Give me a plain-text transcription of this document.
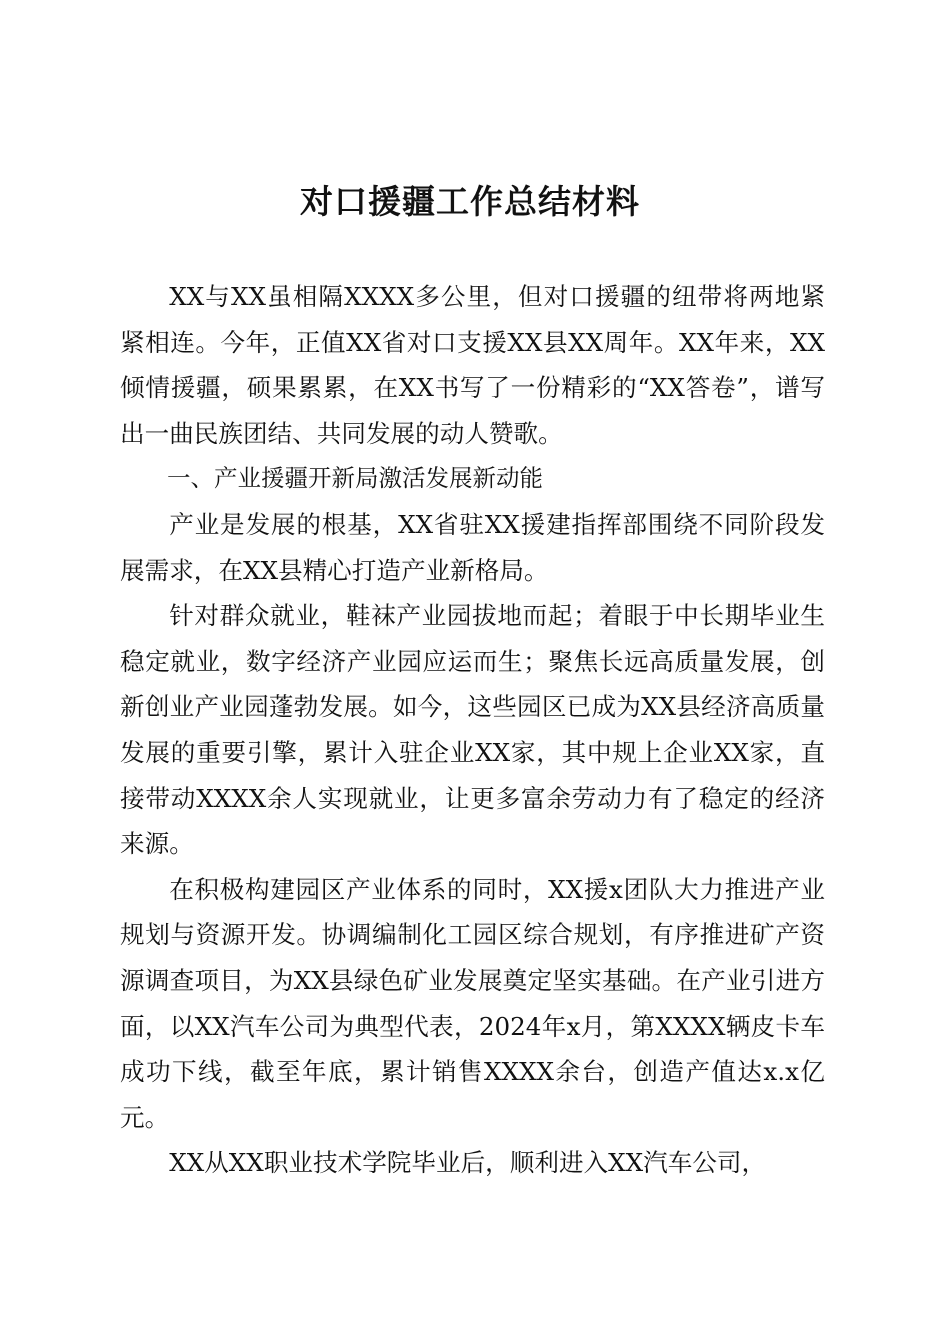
对口援疆工作总结材料

XX与XX虽相隔XXXX多公里，但对口援疆的纽带将两地紧紧相连。今年，正值XX省对口支援XX县XX周年。XX年来，XX倾情援疆，硕果累累，在XX书写了一份精彩的“XX答卷”，谱写出一曲民族团结、共同发展的动人赞歌。

一、产业援疆开新局激活发展新动能

产业是发展的根基，XX省驻XX援建指挥部围绕不同阶段发展需求，在XX县精心打造产业新格局。

针对群众就业，鞋袜产业园拔地而起；着眼于中长期毕业生稳定就业，数字经济产业园应运而生；聚焦长远高质量发展，创新创业产业园蓬勃发展。如今，这些园区已成为XX县经济高质量发展的重要引擎，累计入驻企业XX家，其中规上企业XX家，直接带动XXXX余人实现就业，让更多富余劳动力有了稳定的经济来源。

在积极构建园区产业体系的同时，XX援x团队大力推进产业规划与资源开发。协调编制化工园区综合规划，有序推进矿产资源调查项目，为XX县绿色矿业发展奠定坚实基础。在产业引进方面，以XX汽车公司为典型代表，2024年x月，第XXXX辆皮卡车成功下线，截至年底，累计销售XXXX余台，创造产值达x.x亿元。

XX从XX职业技术学院毕业后，顺利进入XX汽车公司，
